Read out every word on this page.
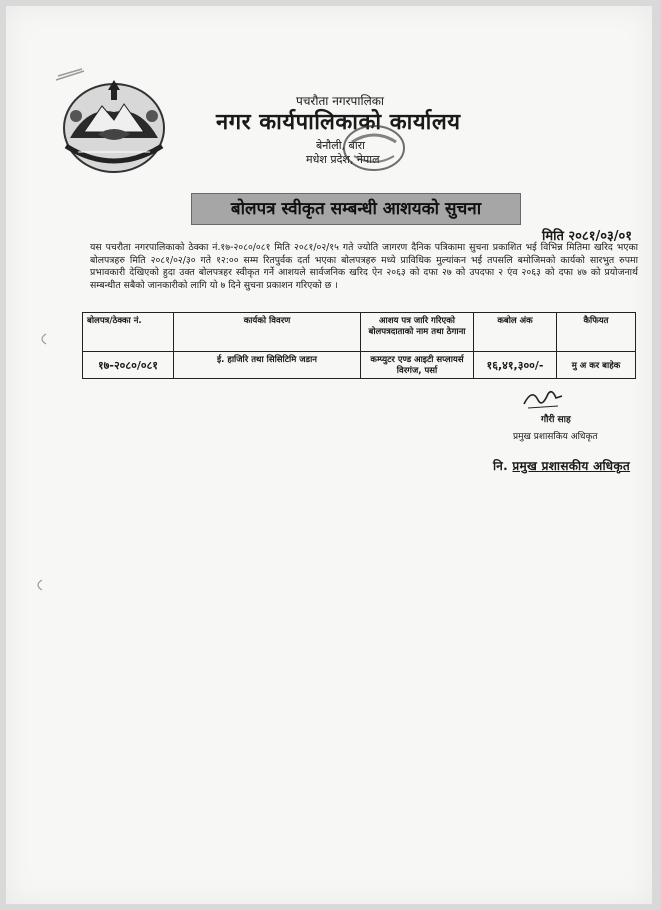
पचरौता नगरपालिका
नगर कार्यपालिकाको कार्यालय
बेनौली, बारा
मधेश प्रदेश, नेपाल
बोलपत्र स्वीकृत सम्बन्धी आशयको सुचना
मिति २०८१/०३/०१
यस पचरौता नगरपालिकाको ठेक्का नं.१७-२०८०/०८१ मिति २०८१/०२/१५ गते ज्योति जागरण दैनिक पत्रिकामा सुचना प्रकाशित भई विभिन्न मितिमा खरिद भएका बोलपत्रहरु मिति २०८१/०२/३० गते १२:०० सम्म रितपुर्वक दर्ता भएका बोलपत्रहरु मध्ये प्राविधिक मुल्यांकन भई तपसलि बमोजिमको कार्यको सारभुत रुपमा प्रभावकारी देखिएको हुदा उक्त बोलपत्रहर स्वीकृत गर्ने आशयले सार्वजनिक खरिद ऐन २०६३ को दफा २७ को उपदफा २ एंव २०६३ को दफा ४७ को प्रयोजनार्थ सम्बन्धीत सबैको जानकारीको लागि यो ७ दिने सुचना प्रकाशन गरिएको छ ।
बोलपत्र/ठेक्का नं.	कार्यको विवरण	आशय पत्र जारि गरिएको बोलपत्रदाताको नाम तथा ठेगाना	कबोल अंक	कैफियत
१७-२०८०/०८१	ई. हाजिरि तथा सिसिटिमि जडान	कम्प्युटर एण्ड आइटी सप्लायर्स विरगंज, पर्सा	१६,४१,३००/-	मु अ कर बाहेक
गौरी साह
प्रमुख प्रशासकिय अधिकृत
नि. प्रमुख प्रशासकीय अधिकृत
